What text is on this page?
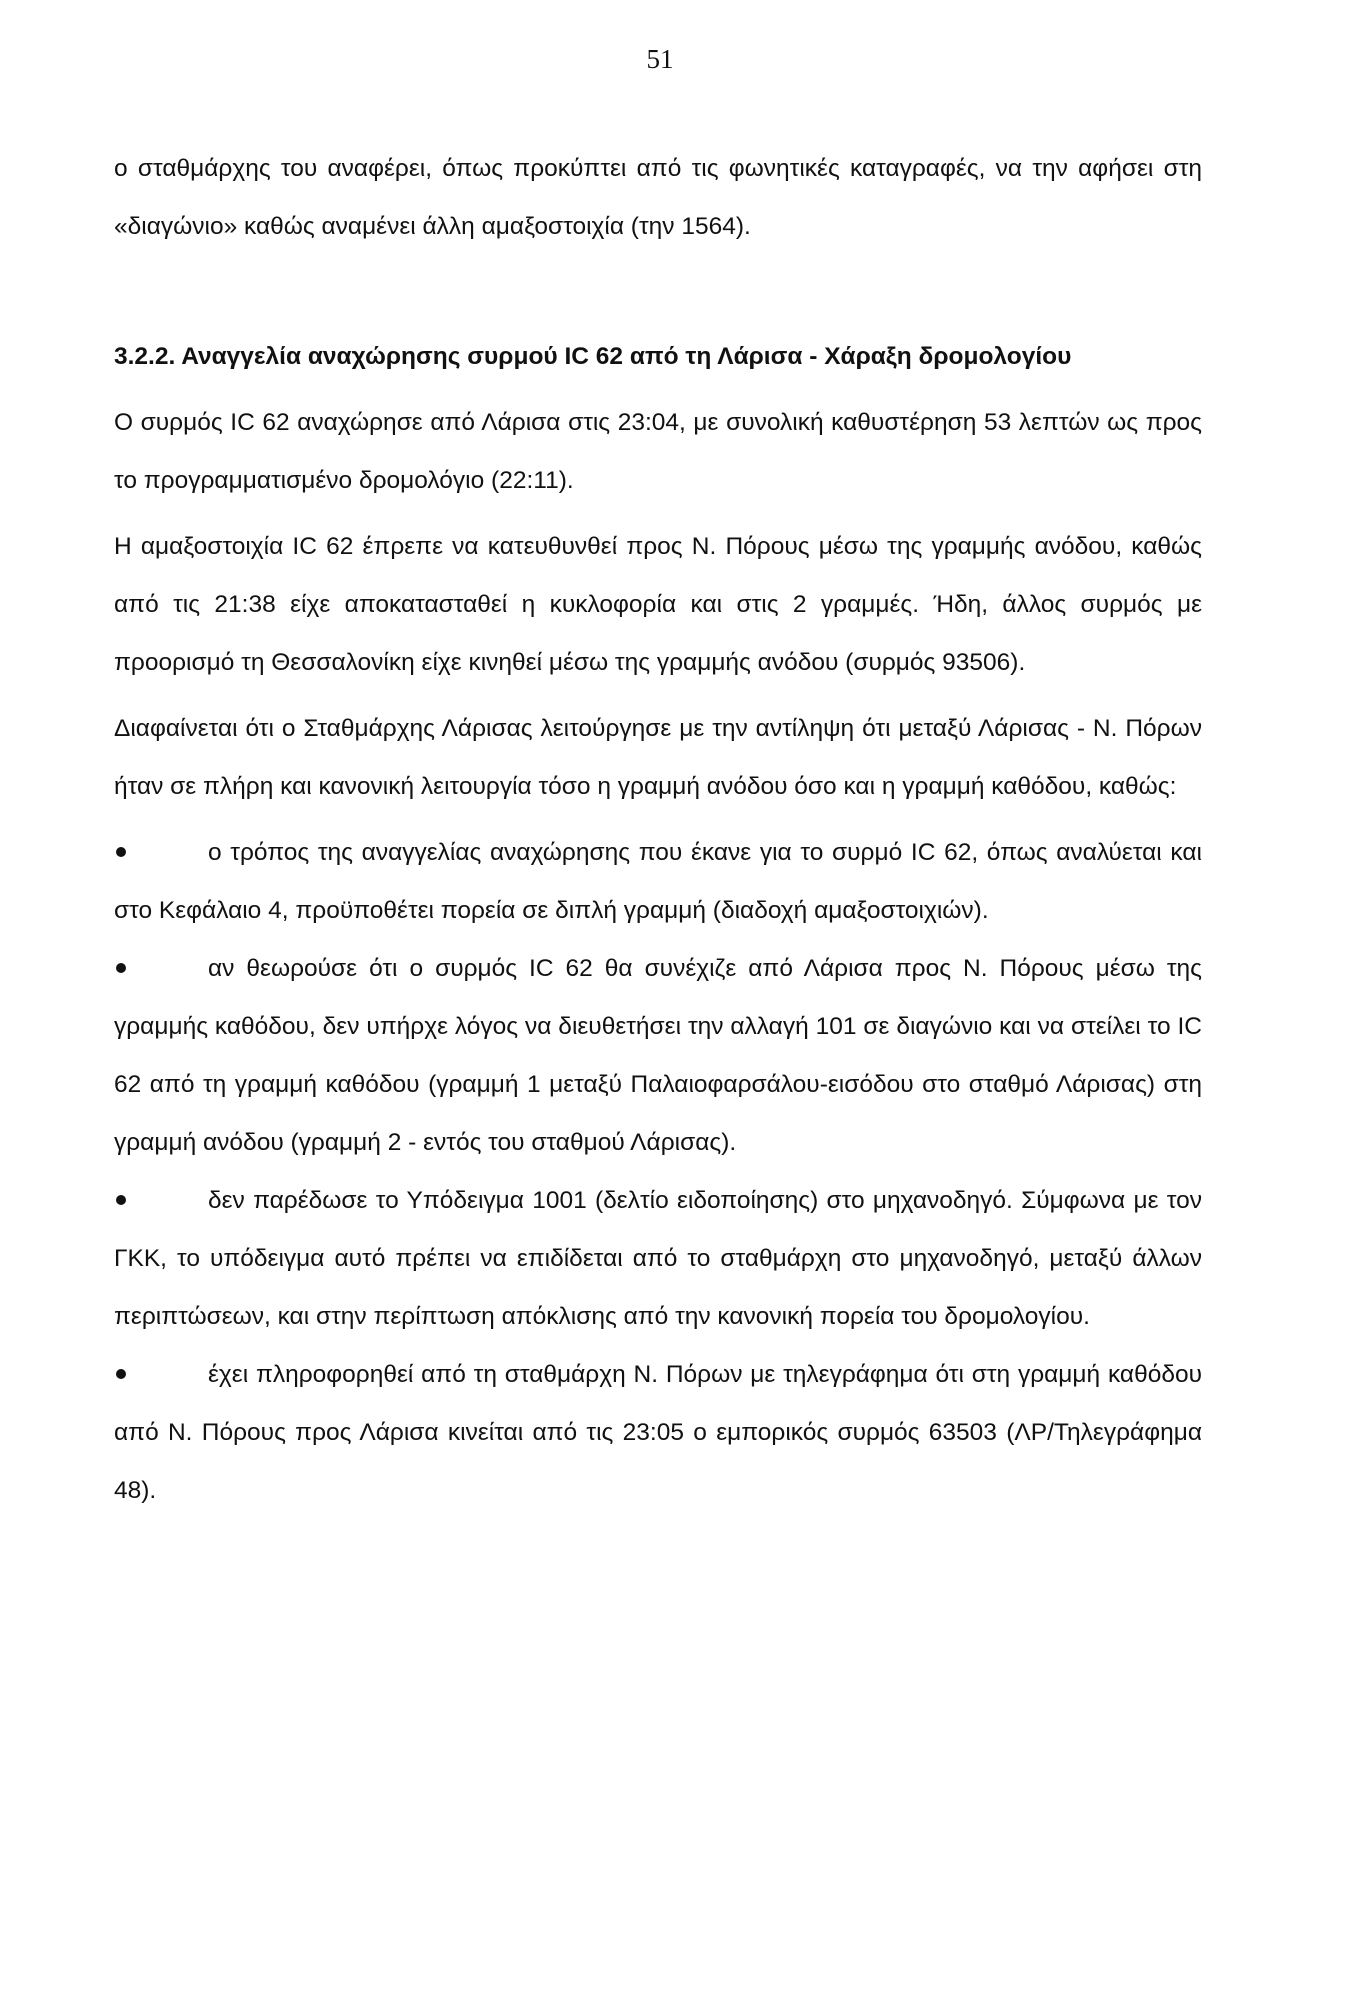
51

ο σταθμάρχης του αναφέρει, όπως προκύπτει από τις φωνητικές καταγραφές, να την αφήσει στη «διαγώνιο» καθώς αναμένει άλλη αμαξοστοιχία (την 1564).

3.2.2. Αναγγελία αναχώρησης συρμού IC 62 από τη Λάρισα - Χάραξη δρομολογίου

Ο συρμός IC 62 αναχώρησε από Λάρισα στις 23:04, με συνολική καθυστέρηση 53 λεπτών ως προς το προγραμματισμένο δρομολόγιο (22:11).

Η αμαξοστοιχία IC 62 έπρεπε να κατευθυνθεί προς Ν. Πόρους μέσω της γραμμής ανόδου, καθώς από τις 21:38 είχε αποκατασταθεί η κυκλοφορία και στις 2 γραμμές. Ήδη, άλλος συρμός με προορισμό τη Θεσσαλονίκη είχε κινηθεί μέσω της γραμμής ανόδου (συρμός 93506).

Διαφαίνεται ότι ο Σταθμάρχης Λάρισας λειτούργησε με την αντίληψη ότι μεταξύ Λάρισας - Ν. Πόρων ήταν σε πλήρη και κανονική λειτουργία τόσο η γραμμή ανόδου όσο και η γραμμή καθόδου, καθώς:

ο τρόπος της αναγγελίας αναχώρησης που έκανε για το συρμό IC 62, όπως αναλύεται και στο Κεφάλαιο 4, προϋποθέτει πορεία σε διπλή γραμμή (διαδοχή αμαξοστοιχιών).
αν θεωρούσε ότι ο συρμός IC 62 θα συνέχιζε από Λάρισα προς Ν. Πόρους μέσω της γραμμής καθόδου, δεν υπήρχε λόγος να διευθετήσει την αλλαγή 101 σε διαγώνιο και να στείλει το IC 62 από τη γραμμή καθόδου (γραμμή 1 μεταξύ Παλαιοφαρσάλου-εισόδου στο σταθμό Λάρισας) στη γραμμή ανόδου (γραμμή 2 - εντός του σταθμού Λάρισας).
δεν παρέδωσε το Υπόδειγμα 1001 (δελτίο ειδοποίησης) στο μηχανοδηγό. Σύμφωνα με τον ΓΚΚ, το υπόδειγμα αυτό πρέπει να επιδίδεται από το σταθμάρχη στο μηχανοδηγό, μεταξύ άλλων περιπτώσεων, και στην περίπτωση απόκλισης από την κανονική πορεία του δρομολογίου.
έχει πληροφορηθεί από τη σταθμάρχη Ν. Πόρων με τηλεγράφημα ότι στη γραμμή καθόδου από Ν. Πόρους προς Λάρισα κινείται από τις 23:05 ο εμπορικός συρμός 63503 (ΛΡ/Τηλεγράφημα 48).
